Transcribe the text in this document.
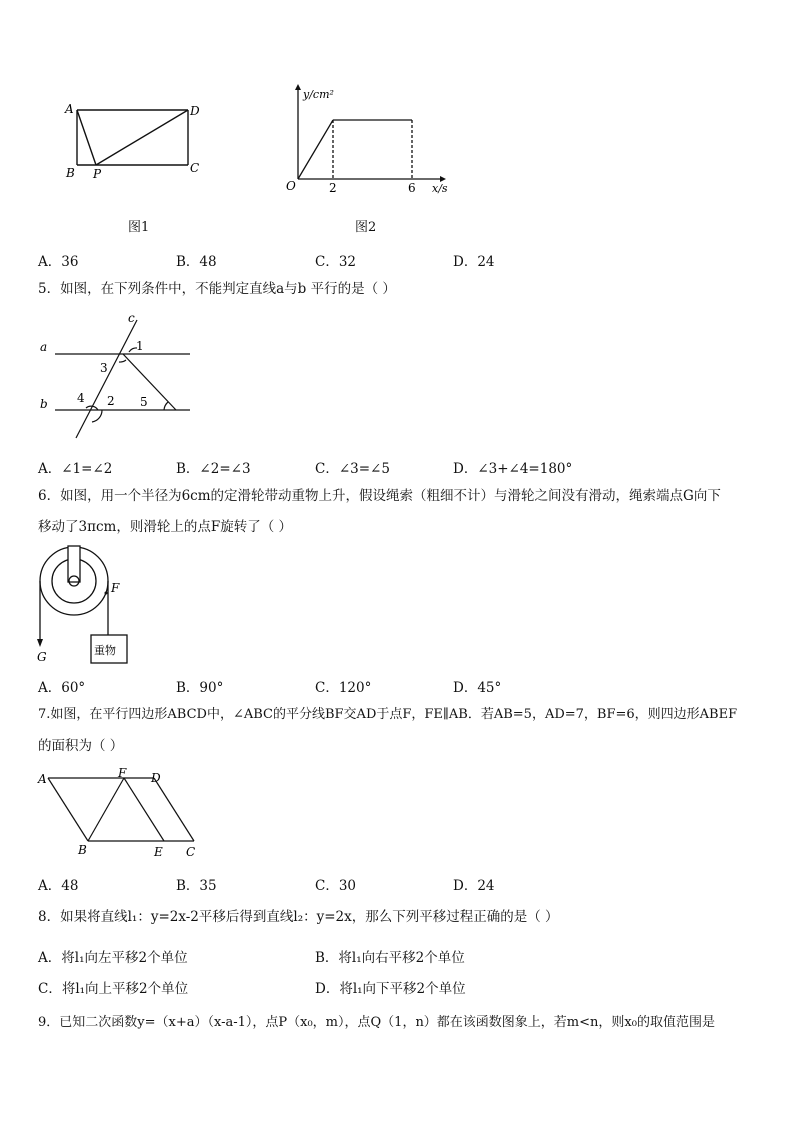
A	D
B P	C
图1
y/cm²
x/s
O	2	6
图2
A．36	B．48	C．32	D．24
5．如图，在下列条件中，不能判定直线a与b 平行的是（ ）
a
b
c
1
2
3
4	5
A．∠1=∠2	B．∠2=∠3	C．∠3=∠5	D．∠3+∠4=180°
6．如图，用一个半径为6cm的定滑轮带动重物上升，假设绳索（粗细不计）与滑轮之间没有滑动，绳索端点G向下
移动了3πcm，则滑轮上的点F旋转了（ ）
F
G	重物
A．60°	B．90°	C．120°	D．45°
7.如图，在平行四边形ABCD中，∠ABC的平分线BF交AD于点F，FE∥AB．若AB=5，AD=7，BF=6，则四边形ABEF
的面积为（ ）
A	F D
B	E C
A．48	B．35	C．30	D．24
8．如果将直线l₁：y=2x-2平移后得到直线l₂：y=2x，那么下列平移过程正确的是（ ）
A．将l₁向左平移2个单位	B．将l₁向右平移2个单位
C．将l₁向上平移2个单位	D．将l₁向下平移2个单位
9．已知二次函数y=（x+a）（x-a-1），点P（x₀，m），点Q（1，n）都在该函数图象上，若m<n，则x₀的取值范围是
